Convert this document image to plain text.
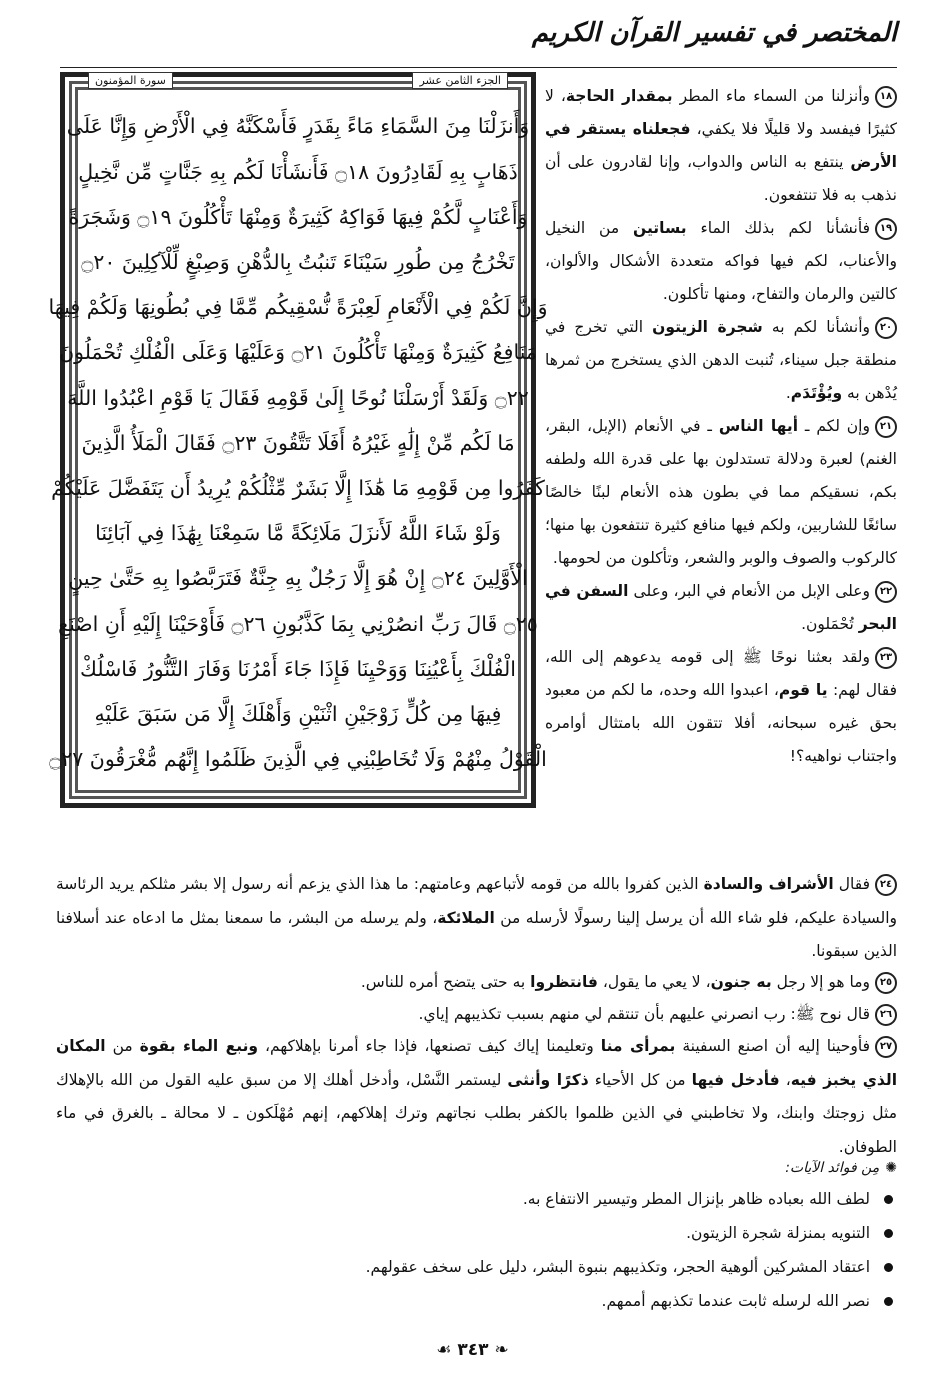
المختصر في تفسير القرآن الكريم
الجزء الثامن عشر
سورة المؤمنون
وَأَنزَلْنَا مِنَ السَّمَاءِ مَاءً بِقَدَرٍ فَأَسْكَنَّهُ فِي الْأَرْضِ وَإِنَّا عَلَى
ذَهَابٍ بِهِ لَقَادِرُونَ ۝١٨ فَأَنشَأْنَا لَكُم بِهِ جَنَّاتٍ مِّن نَّخِيلٍ
وَأَعْنَابٍ لَّكُمْ فِيهَا فَوَاكِهُ كَثِيرَةٌ وَمِنْهَا تَأْكُلُونَ ۝١٩ وَشَجَرَةً
تَخْرُجُ مِن طُورِ سَيْنَاءَ تَنبُتُ بِالدُّهْنِ وَصِبْغٍ لِّلْآكِلِينَ ۝٢٠
وَإِنَّ لَكُمْ فِي الْأَنْعَامِ لَعِبْرَةً نُّسْقِيكُم مِّمَّا فِي بُطُونِهَا وَلَكُمْ فِيهَا
مَنَافِعُ كَثِيرَةٌ وَمِنْهَا تَأْكُلُونَ ۝٢١ وَعَلَيْهَا وَعَلَى الْفُلْكِ تُحْمَلُونَ
۝٢٢ وَلَقَدْ أَرْسَلْنَا نُوحًا إِلَىٰ قَوْمِهِ فَقَالَ يَا قَوْمِ اعْبُدُوا اللَّهَ
مَا لَكُم مِّنْ إِلَٰهٍ غَيْرُهُ أَفَلَا تَتَّقُونَ ۝٢٣ فَقَالَ الْمَلَأُ الَّذِينَ
كَفَرُوا مِن قَوْمِهِ مَا هَٰذَا إِلَّا بَشَرٌ مِّثْلُكُمْ يُرِيدُ أَن يَتَفَضَّلَ عَلَيْكُمْ
وَلَوْ شَاءَ اللَّهُ لَأَنزَلَ مَلَائِكَةً مَّا سَمِعْنَا بِهَٰذَا فِي آبَائِنَا
الْأَوَّلِينَ ۝٢٤ إِنْ هُوَ إِلَّا رَجُلٌ بِهِ جِنَّةٌ فَتَرَبَّصُوا بِهِ حَتَّىٰ حِينٍ
۝٢٥ قَالَ رَبِّ انصُرْنِي بِمَا كَذَّبُونِ ۝٢٦ فَأَوْحَيْنَا إِلَيْهِ أَنِ اصْنَعِ
الْفُلْكَ بِأَعْيُنِنَا وَوَحْيِنَا فَإِذَا جَاءَ أَمْرُنَا وَفَارَ التَّنُّورُ فَاسْلُكْ
فِيهَا مِن كُلٍّ زَوْجَيْنِ اثْنَيْنِ وَأَهْلَكَ إِلَّا مَن سَبَقَ عَلَيْهِ
الْقَوْلُ مِنْهُمْ وَلَا تُخَاطِبْنِي فِي الَّذِينَ ظَلَمُوا إِنَّهُم مُّغْرَقُونَ ۝٢٧

١٨وأنزلنا من السماء ماء المطر بمقدار الحاجة، لا كثيرًا فيفسد ولا قليلًا فلا يكفي، فجعلناه يستقر في الأرض ينتفع به الناس والدواب، وإنا لقادرون على أن نذهب به فلا تنتفعون.

١٩فأنشأنا لكم بذلك الماء بساتين من النخيل والأعناب، لكم فيها فواكه متعددة الأشكال والألوان، كالتين والرمان والتفاح، ومنها تأكلون.

٢٠وأنشأنا لكم به شجرة الزيتون التي تخرج في منطقة جبل سيناء، تُنبت الدهن الذي يستخرج من ثمرها يُدْهن به ويُؤْتَدَم.

٢١وإن لكم ـ أيها الناس ـ في الأنعام (الإبل، البقر، الغنم) لعبرة ودلالة تستدلون بها على قدرة الله ولطفه بكم، نسقيكم مما في بطون هذه الأنعام لبنًا خالصًا سائغًا للشاربين، ولكم فيها منافع كثيرة تنتفعون بها منها؛ كالركوب والصوف والوبر والشعر، وتأكلون من لحومها.

٢٢وعلى الإبل من الأنعام في البر، وعلى السفن في البحر تُحْمَلون.

٢٣ولقد بعثنا نوحًا ﷺ إلى قومه يدعوهم إلى الله، فقال لهم: يا قوم، اعبدوا الله وحده، ما لكم من معبود بحق غيره سبحانه، أفلا تتقون الله بامتثال أوامره واجتناب نواهيه؟!

٢٤فقال الأشراف والسادة الذين كفروا بالله من قومه لأتباعهم وعامتهم: ما هذا الذي يزعم أنه رسول إلا بشر مثلكم يريد الرئاسة والسيادة عليكم، فلو شاء الله أن يرسل إلينا رسولًا لأرسله من الملائكة، ولم يرسله من البشر، ما سمعنا بمثل ما ادعاه عند أسلافنا الذين سبقونا.

٢٥وما هو إلا رجل به جنون، لا يعي ما يقول، فانتظروا به حتى يتضح أمره للناس.

٢٦قال نوح ﷺ: رب انصرني عليهم بأن تنتقم لي منهم بسبب تكذيبهم إياي.

٢٧فأوحينا إليه أن اصنع السفينة بمرأى منا وتعليمنا إياك كيف تصنعها، فإذا جاء أمرنا بإهلاكهم، ونبع الماء بقوة من المكان الذي يخبز فيه، فأدخل فيها من كل الأحياء ذكرًا وأنثى ليستمر النَّسْل، وأدخل أهلك إلا من سبق عليه القول من الله بالإهلاك مثل زوجتك وابنك، ولا تخاطبني في الذين ظلموا بالكفر بطلب نجاتهم وترك إهلاكهم، إنهم مُهْلَكون ـ لا محالة ـ بالغرق في ماء الطوفان.

✺
مِن فوائد الآيات:
لطف الله بعباده ظاهر بإنزال المطر وتيسير الانتفاع به.
التنويه بمنزلة شجرة الزيتون.
اعتقاد المشركين ألوهية الحجر، وتكذيبهم بنبوة البشر، دليل على سخف عقولهم.
نصر الله لرسله ثابت عندما تكذبهم أممهم.
❧ ٣٤٣ ☙
